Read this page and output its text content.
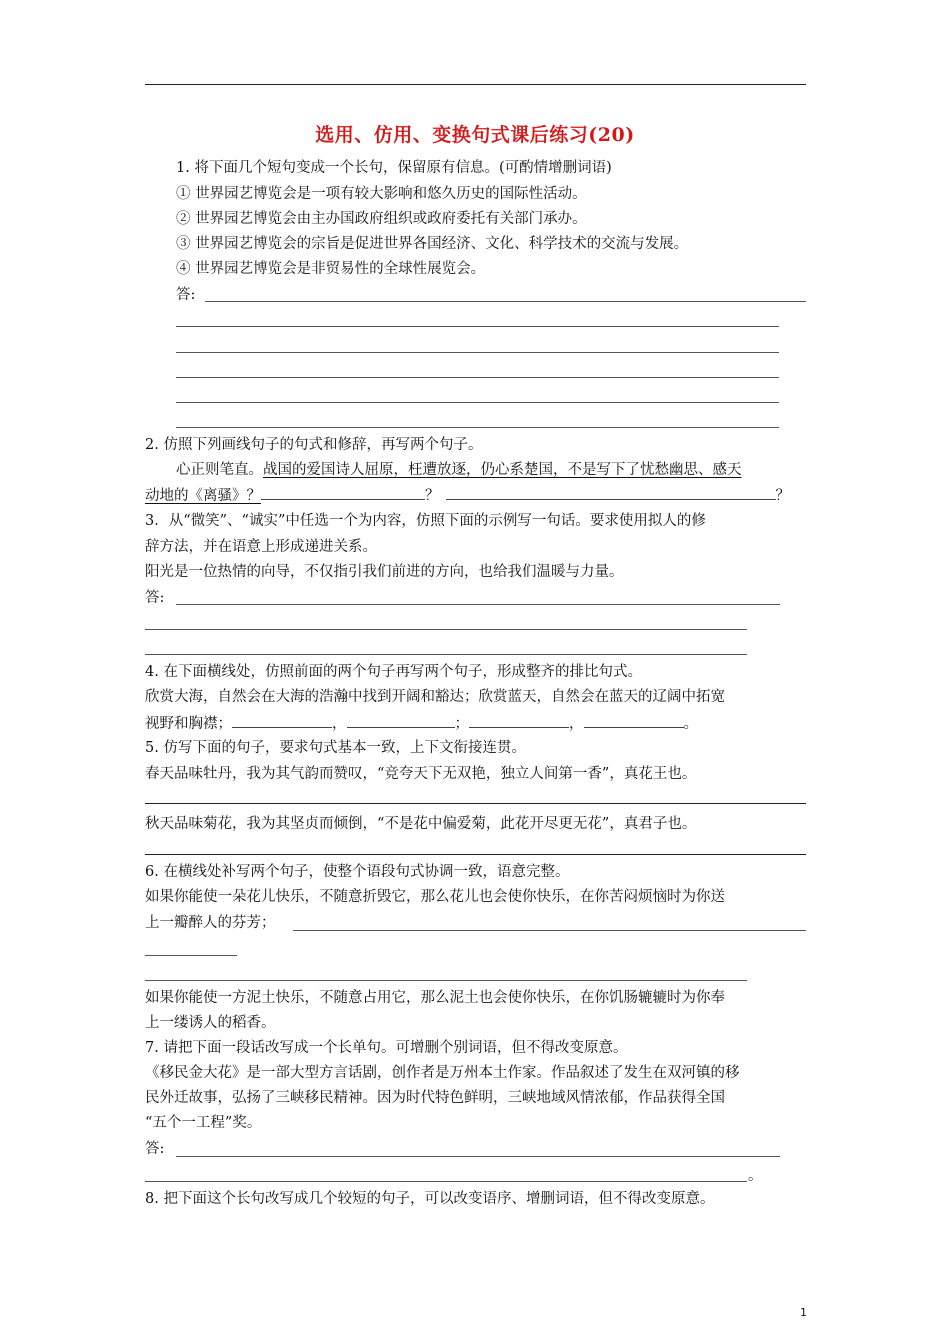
选用、仿用、变换句式课后练习(20)
1. 将下面几个短句变成一个长句，保留原有信息。(可酌情增删词语)
① 世界园艺博览会是一项有较大影响和悠久历史的国际性活动。
② 世界园艺博览会由主办国政府组织或政府委托有关部门承办。
③ 世界园艺博览会的宗旨是促进世界各国经济、文化、科学技术的交流与发展。
④ 世界园艺博览会是非贸易性的全球性展览会。
答:
2. 仿照下列画线句子的句式和修辞，再写两个句子。
心正则笔直。战国的爱国诗人屈原，枉遭放逐，仍心系楚国，不是写下了忧愁幽思、感天
动地的《离骚》？	？	？
3．从“微笑”、“诚实”中任选一个为内容，仿照下面的示例写一句话。要求使用拟人的修
辞方法，并在语意上形成递进关系。
阳光是一位热情的向导，不仅指引我们前进的方向，也给我们温暖与力量。
答:
4. 在下面横线处，仿照前面的两个句子再写两个句子，形成整齐的排比句式。
欣赏大海，自然会在大海的浩瀚中找到开阔和豁达；欣赏蓝天，自然会在蓝天的辽阔中拓宽
视野和胸襟；	，	；	，	。
5. 仿写下面的句子，要求句式基本一致，上下文衔接连贯。
春天品味牡丹，我为其气韵而赞叹，“竞夸天下无双艳，独立人间第一香”，真花王也。
秋天品味菊花，我为其坚贞而倾倒，“不是花中偏爱菊，此花开尽更无花”，真君子也。
6. 在横线处补写两个句子，使整个语段句式协调一致，语意完整。
如果你能使一朵花儿快乐，不随意折毁它，那么花儿也会使你快乐，在你苦闷烦恼时为你送
上一瓣醉人的芬芳；
如果你能使一方泥土快乐，不随意占用它，那么泥土也会使你快乐，在你饥肠辘辘时为你奉
上一缕诱人的稻香。
7. 请把下面一段话改写成一个长单句。可增删个别词语，但不得改变原意。
《移民金大花》是一部大型方言话剧，创作者是万州本土作家。作品叙述了发生在双河镇的移
民外迁故事，弘扬了三峡移民精神。因为时代特色鲜明，三峡地域风情浓郁，作品获得全国
“五个一工程”奖。
答:
。
8. 把下面这个长句改写成几个较短的句子，可以改变语序、增删词语，但不得改变原意。
1
